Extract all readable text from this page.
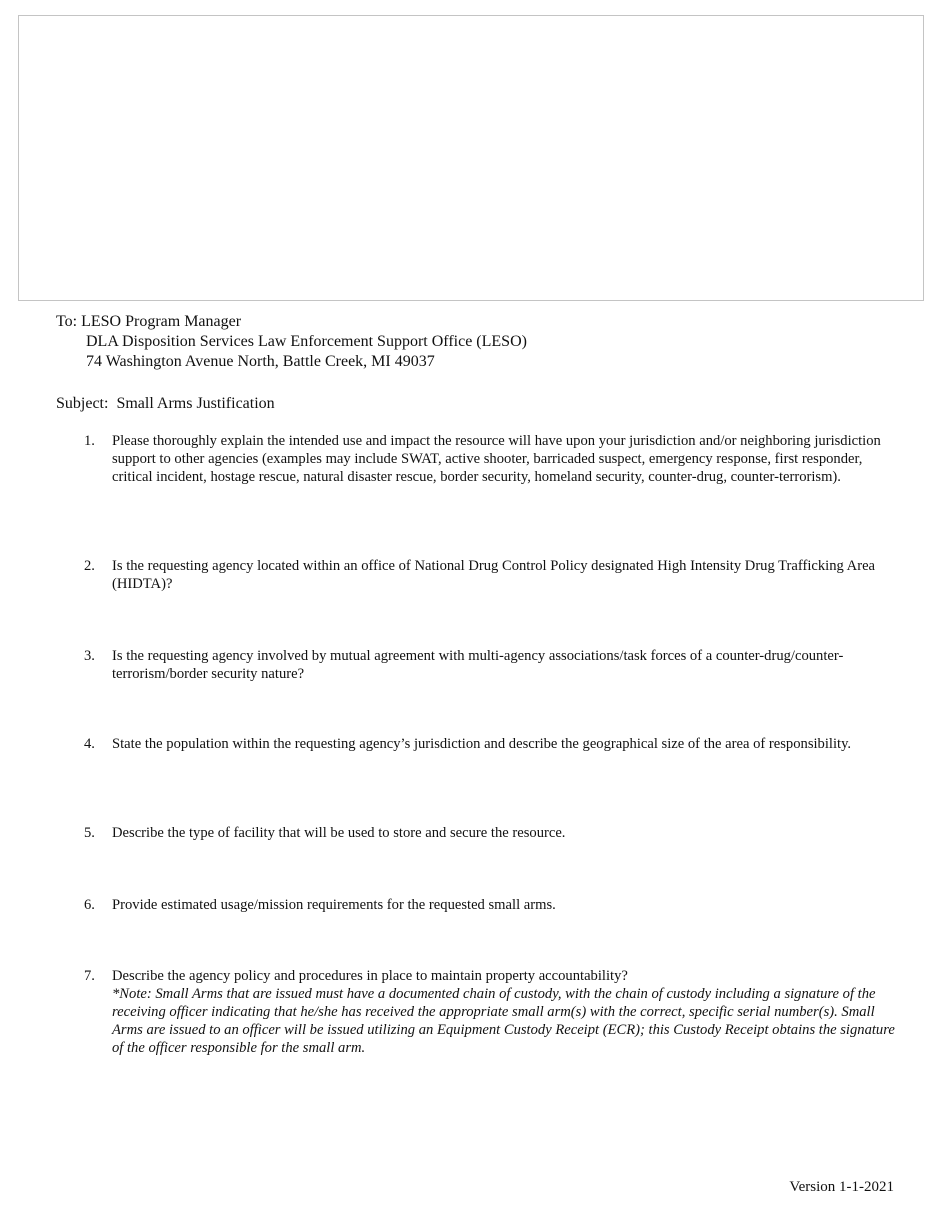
To: LESO Program Manager
DLA Disposition Services Law Enforcement Support Office (LESO)
74 Washington Avenue North, Battle Creek, MI 49037
Subject:  Small Arms Justification
1.	Please thoroughly explain the intended use and impact the resource will have upon your jurisdiction and/or neighboring jurisdiction support to other agencies (examples may include SWAT, active shooter, barricaded suspect, emergency response, first responder, critical incident, hostage rescue, natural disaster rescue, border security, homeland security, counter-drug, counter-terrorism).
2.	Is the requesting agency located within an office of National Drug Control Policy designated High Intensity Drug Trafficking Area (HIDTA)?
3.	Is the requesting agency involved by mutual agreement with multi-agency associations/task forces of a counter-drug/counter-terrorism/border security nature?
4.	State the population within the requesting agency’s jurisdiction and describe the geographical size of the area of responsibility.
5.	Describe the type of facility that will be used to store and secure the resource.
6.	Provide estimated usage/mission requirements for the requested small arms.
7.	Describe the agency policy and procedures in place to maintain property accountability?
*Note: Small Arms that are issued must have a documented chain of custody, with the chain of custody including a signature of the receiving officer indicating that he/she has received the appropriate small arm(s) with the correct, specific serial number(s). Small Arms are issued to an officer will be issued utilizing an Equipment Custody Receipt (ECR); this Custody Receipt obtains the signature of the officer responsible for the small arm.
Version 1-1-2021
